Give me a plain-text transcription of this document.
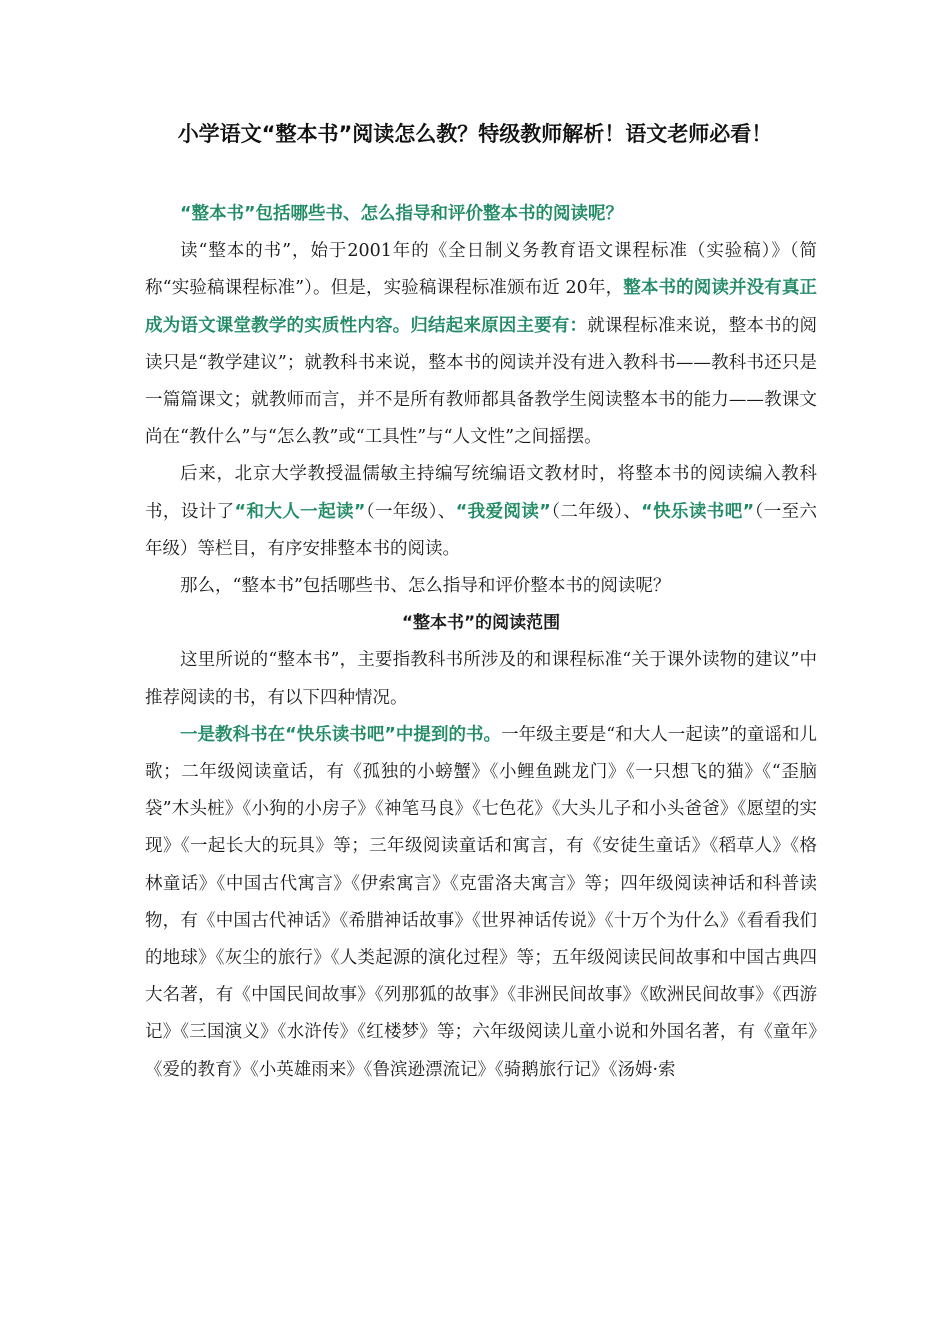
小学语文“整本书”阅读怎么教？特级教师解析！语文老师必看！

“整本书”包括哪些书、怎么指导和评价整本书的阅读呢？

读“整本的书”，始于2001年的《全日制义务教育语文课程标准（实验稿）》（简称“实验稿课程标准”）。但是，实验稿课程标准颁布近 20年，整本书的阅读并没有真正成为语文课堂教学的实质性内容。归结起来原因主要有：就课程标准来说，整本书的阅读只是“教学建议”；就教科书来说，整本书的阅读并没有进入教科书——教科书还只是一篇篇课文；就教师而言，并不是所有教师都具备教学生阅读整本书的能力——教课文尚在“教什么”与“怎么教”或“工具性”与“人文性”之间摇摆。

后来，北京大学教授温儒敏主持编写统编语文教材时，将整本书的阅读编入教科书，设计了“和大人一起读”（一年级）、“我爱阅读”（二年级）、“快乐读书吧”（一至六年级）等栏目，有序安排整本书的阅读。

那么，“整本书”包括哪些书、怎么指导和评价整本书的阅读呢？

“整本书”的阅读范围

这里所说的“整本书”，主要指教科书所涉及的和课程标准“关于课外读物的建议”中推荐阅读的书，有以下四种情况。

一是教科书在“快乐读书吧”中提到的书。一年级主要是“和大人一起读”的童谣和儿歌；二年级阅读童话，有《孤独的小螃蟹》《小鲤鱼跳龙门》《一只想飞的猫》《“歪脑袋”木头桩》《小狗的小房子》《神笔马良》《七色花》《大头儿子和小头爸爸》《愿望的实现》《一起长大的玩具》等；三年级阅读童话和寓言，有《安徒生童话》《稻草人》《格林童话》《中国古代寓言》《伊索寓言》《克雷洛夫寓言》等；四年级阅读神话和科普读物，有《中国古代神话》《希腊神话故事》《世界神话传说》《十万个为什么》《看看我们的地球》《灰尘的旅行》《人类起源的演化过程》等；五年级阅读民间故事和中国古典四大名著，有《中国民间故事》《列那狐的故事》《非洲民间故事》《欧洲民间故事》《西游记》《三国演义》《水浒传》《红楼梦》等；六年级阅读儿童小说和外国名著，有《童年》《爱的教育》《小英雄雨来》《鲁滨逊漂流记》《骑鹅旅行记》《汤姆·索
